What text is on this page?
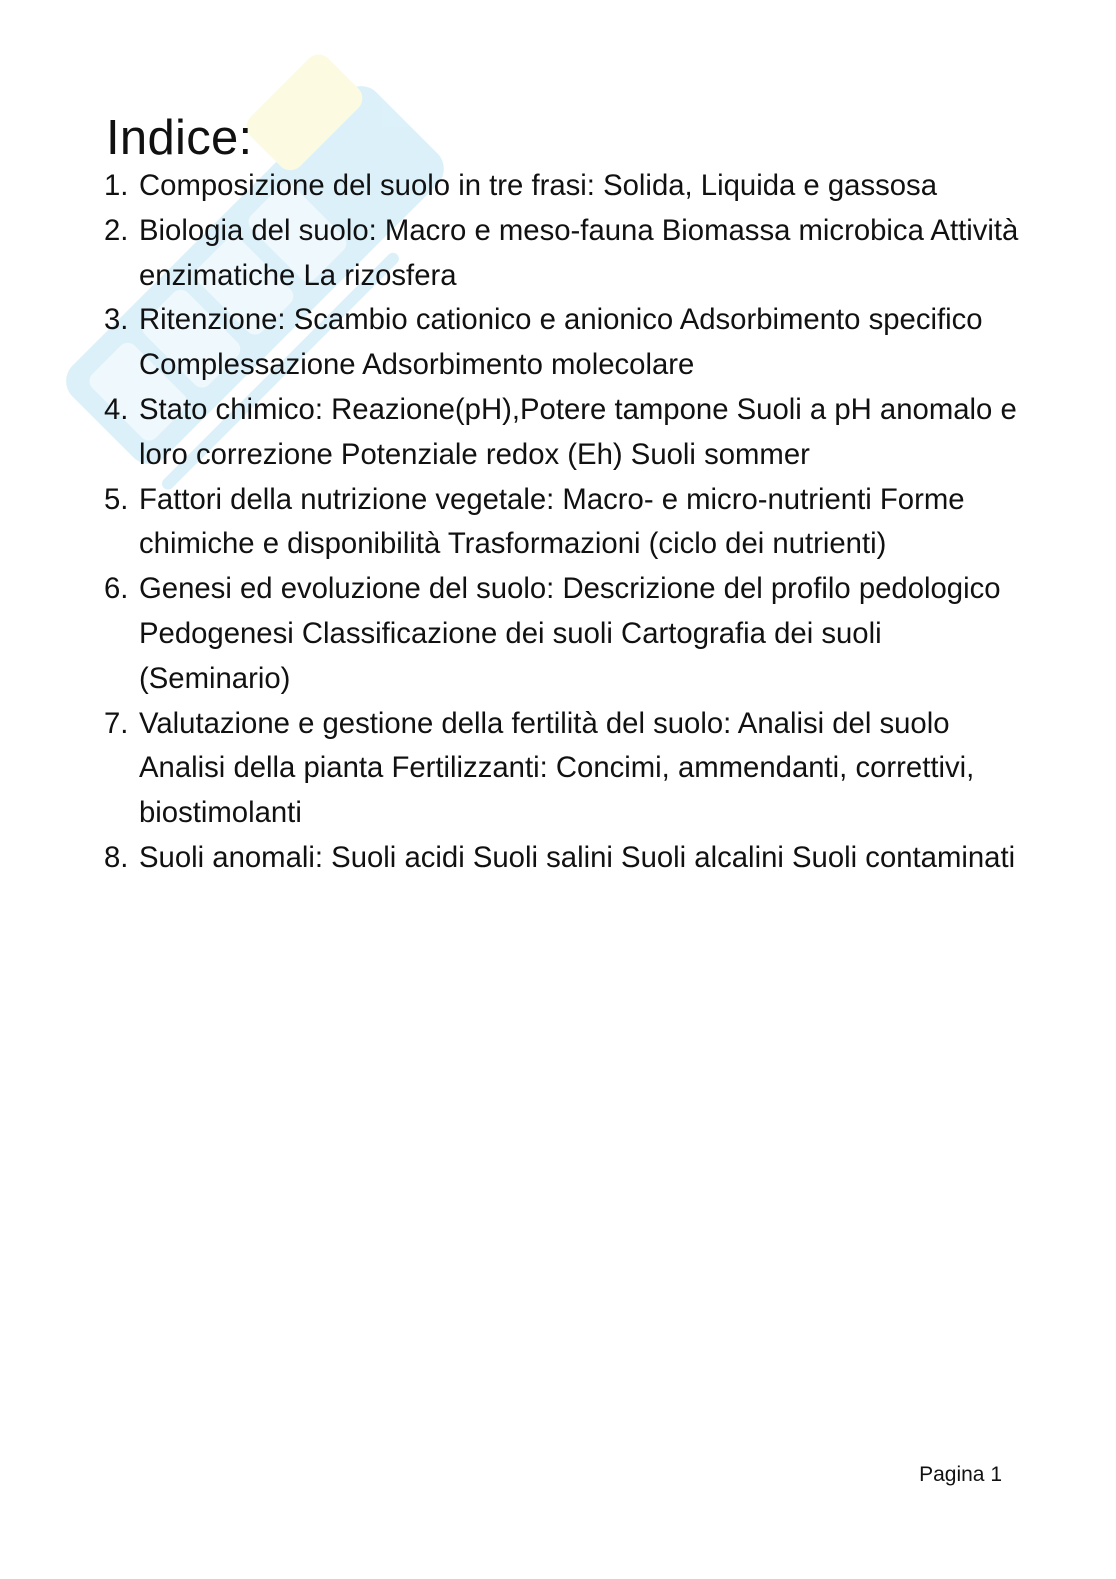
Indice:
1. Composizione del suolo in tre frasi: Solida, Liquida e gassosa
2. Biologia del suolo: Macro e meso-fauna Biomassa microbica Attività enzimatiche La rizosfera
3. Ritenzione: Scambio cationico e anionico Adsorbimento specifico Complessazione Adsorbimento molecolare
4. Stato chimico: Reazione(pH),Potere tampone Suoli a pH anomalo e loro correzione Potenziale redox (Eh) Suoli sommer
5. Fattori della nutrizione vegetale: Macro- e micro-nutrienti Forme chimiche e disponibilità Trasformazioni (ciclo dei nutrienti)
6. Genesi ed evoluzione del suolo: Descrizione del profilo pedologico Pedogenesi Classificazione dei suoli Cartografia dei suoli (Seminario)
7. Valutazione e gestione della fertilità del suolo: Analisi del suolo Analisi della pianta Fertilizzanti: Concimi, ammendanti, correttivi, biostimolanti
8. Suoli anomali: Suoli acidi Suoli salini Suoli alcalini Suoli contaminati
Pagina 1
